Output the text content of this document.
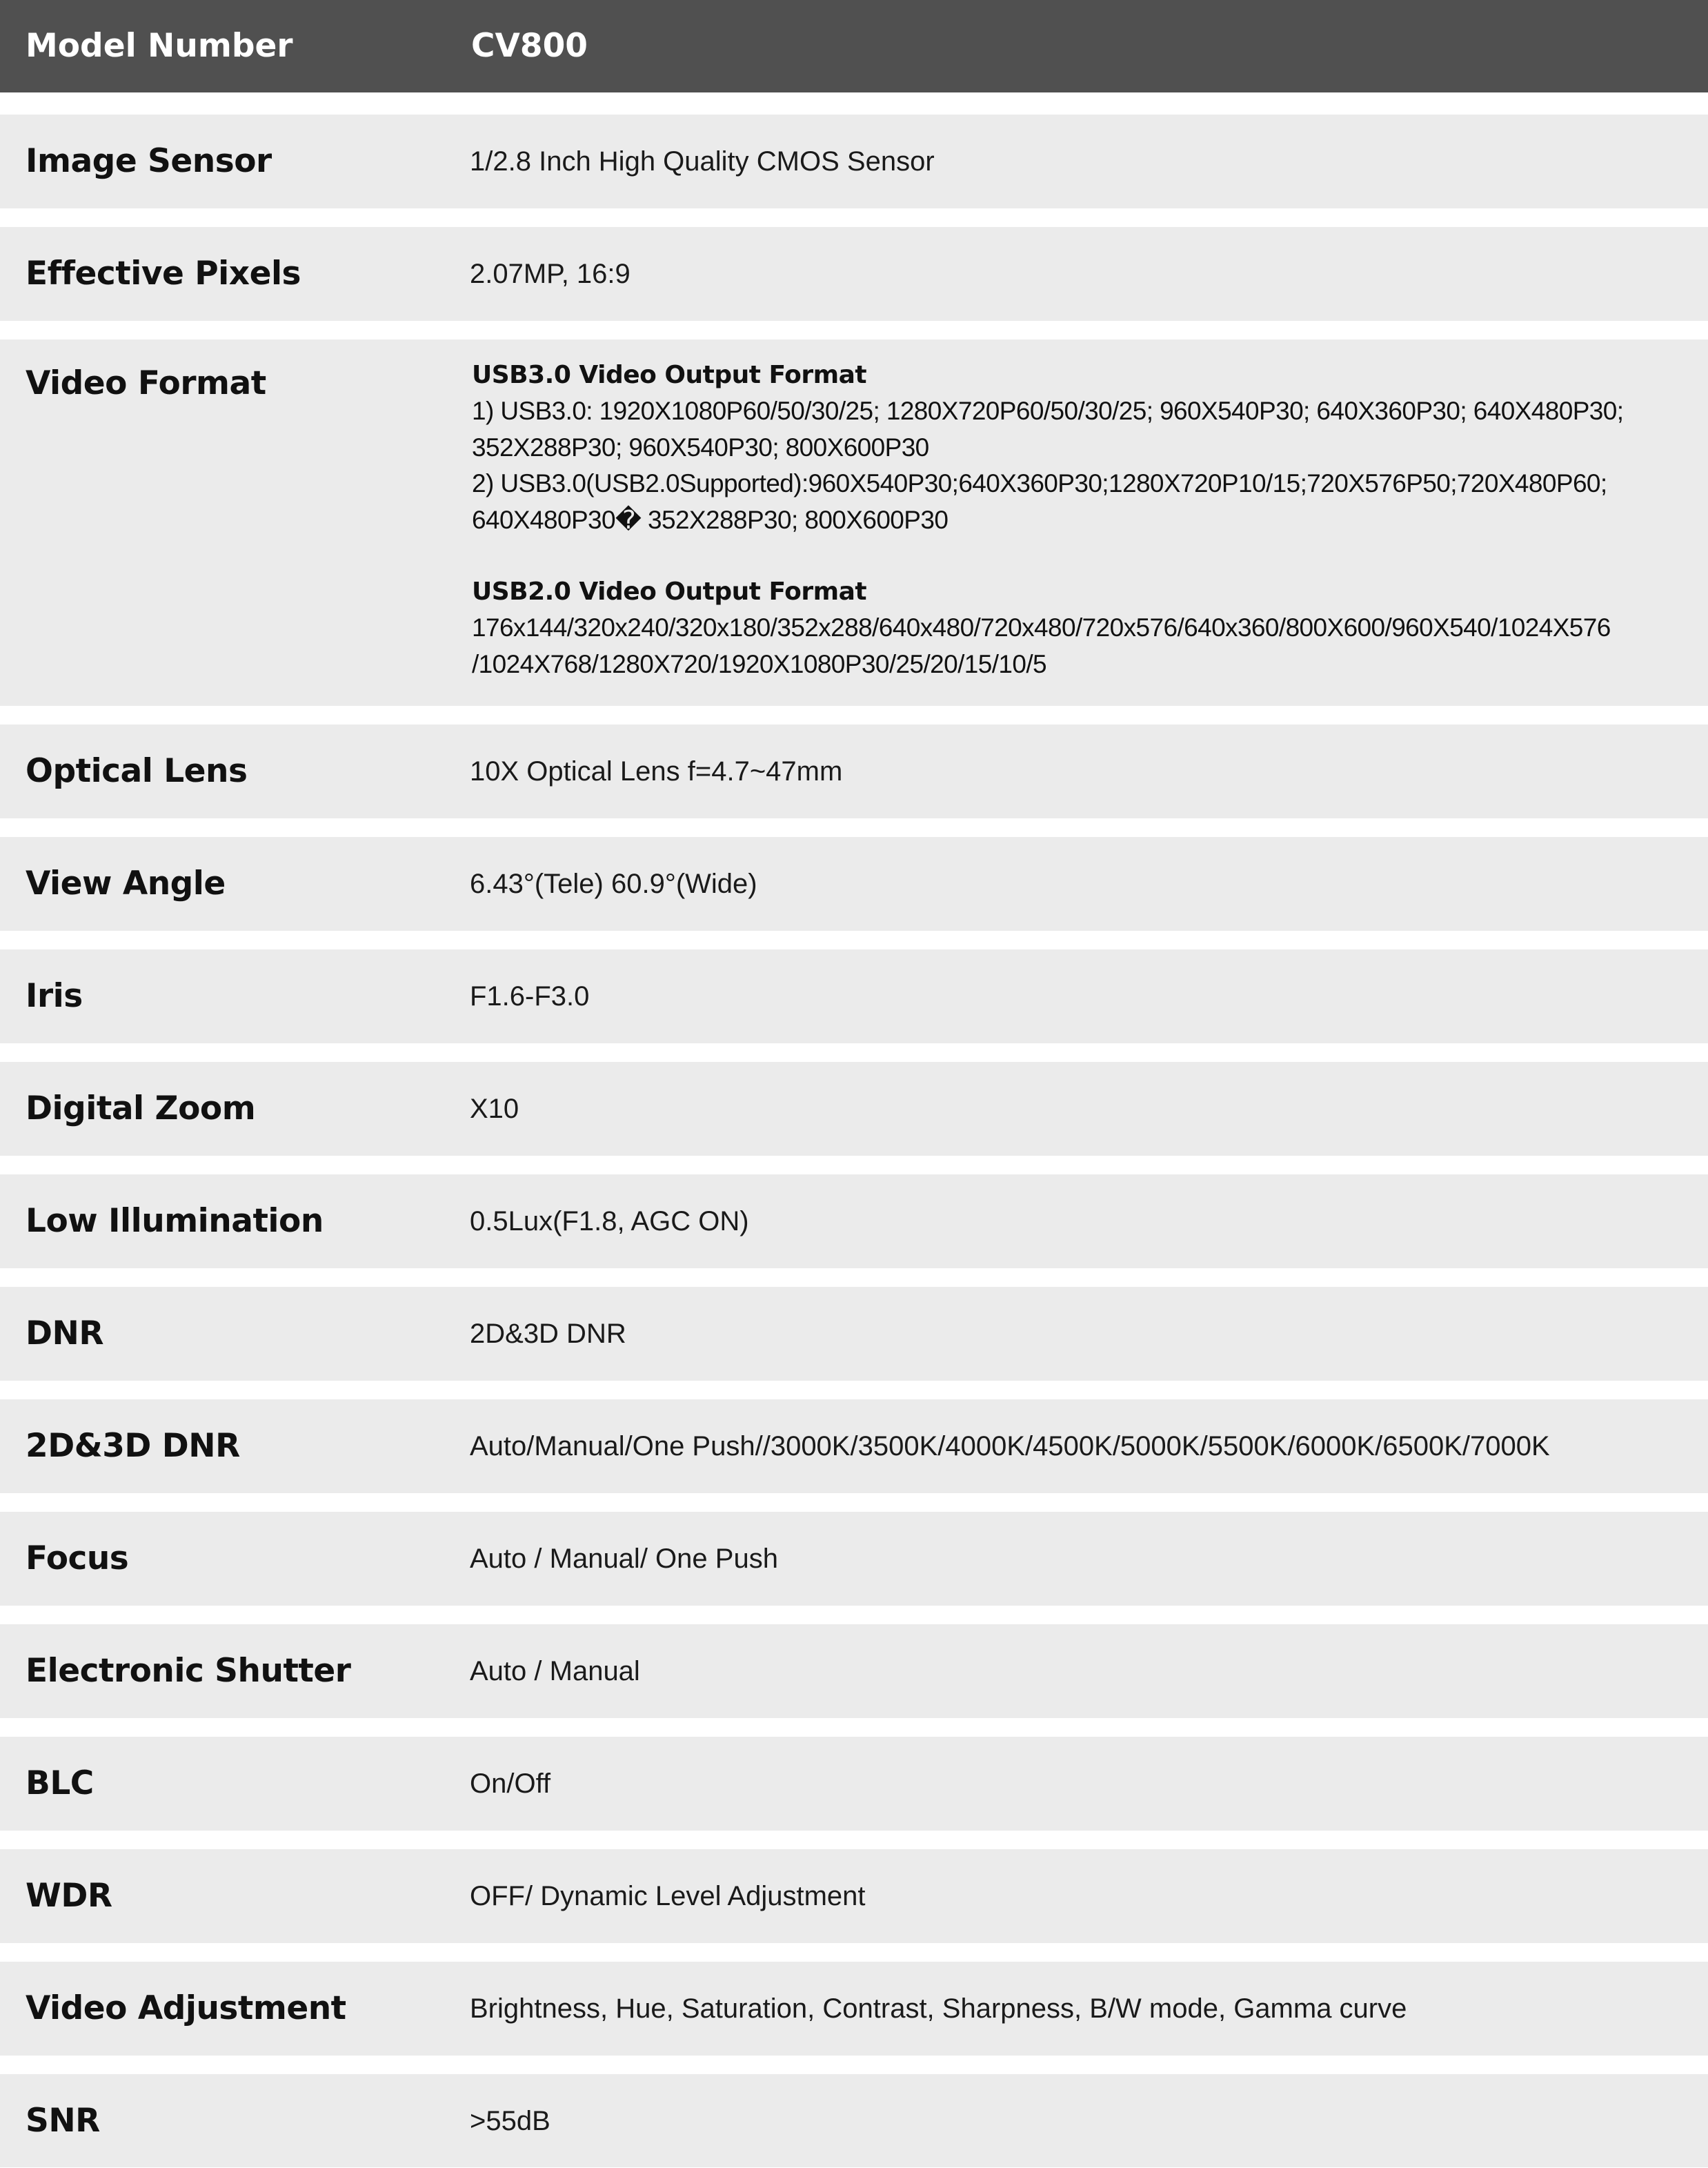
Model Number	CV800
Image Sensor	1/2.8 Inch High Quality CMOS Sensor
Effective Pixels	2.07MP, 16:9
Video Format	USB3.0 Video Output Format
1) USB3.0: 1920X1080P60/50/30/25; 1280X720P60/50/30/25; 960X540P30; 640X360P30; 640X480P30;
352X288P30; 960X540P30; 800X600P30
2) USB3.0(USB2.0Supported):960X540P30;640X360P30;1280X720P10/15;720X576P50;720X480P60;
640X480P30� 352X288P30; 800X600P30
USB2.0 Video Output Format
176x144/320x240/320x180/352x288/640x480/720x480/720x576/640x360/800X600/960X540/1024X576
/1024X768/1280X720/1920X1080P30/25/20/15/10/5
Optical Lens	10X Optical Lens f=4.7~47mm
View Angle	6.43°(Tele) 60.9°(Wide)
Iris	F1.6-F3.0
Digital Zoom	X10
Low Illumination	0.5Lux(F1.8, AGC ON)
DNR	2D&3D DNR
2D&3D DNR	Auto/Manual/One Push//3000K/3500K/4000K/4500K/5000K/5500K/6000K/6500K/7000K
Focus	Auto / Manual/ One Push
Electronic Shutter	Auto / Manual
BLC	On/Off
WDR	OFF/ Dynamic Level Adjustment
Video Adjustment	Brightness, Hue, Saturation, Contrast, Sharpness, B/W mode, Gamma curve
SNR	>55dB
